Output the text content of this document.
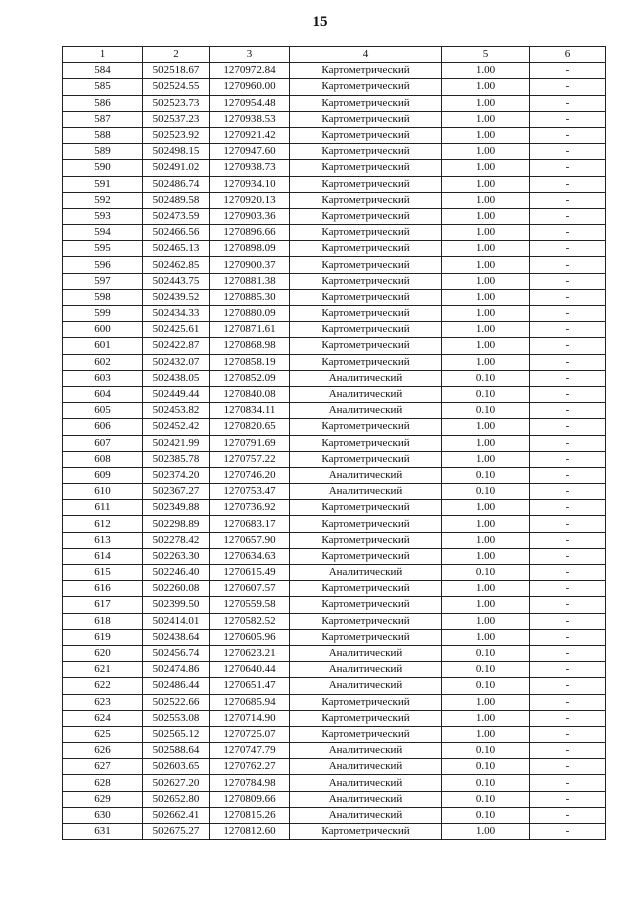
15
1	2	3	4	5	6
584	502518.67	1270972.84	Картометрический	1.00	-
585	502524.55	1270960.00	Картометрический	1.00	-
586	502523.73	1270954.48	Картометрический	1.00	-
587	502537.23	1270938.53	Картометрический	1.00	-
588	502523.92	1270921.42	Картометрический	1.00	-
589	502498.15	1270947.60	Картометрический	1.00	-
590	502491.02	1270938.73	Картометрический	1.00	-
591	502486.74	1270934.10	Картометрический	1.00	-
592	502489.58	1270920.13	Картометрический	1.00	-
593	502473.59	1270903.36	Картометрический	1.00	-
594	502466.56	1270896.66	Картометрический	1.00	-
595	502465.13	1270898.09	Картометрический	1.00	-
596	502462.85	1270900.37	Картометрический	1.00	-
597	502443.75	1270881.38	Картометрический	1.00	-
598	502439.52	1270885.30	Картометрический	1.00	-
599	502434.33	1270880.09	Картометрический	1.00	-
600	502425.61	1270871.61	Картометрический	1.00	-
601	502422.87	1270868.98	Картометрический	1.00	-
602	502432.07	1270858.19	Картометрический	1.00	-
603	502438.05	1270852.09	Аналитический	0.10	-
604	502449.44	1270840.08	Аналитический	0.10	-
605	502453.82	1270834.11	Аналитический	0.10	-
606	502452.42	1270820.65	Картометрический	1.00	-
607	502421.99	1270791.69	Картометрический	1.00	-
608	502385.78	1270757.22	Картометрический	1.00	-
609	502374.20	1270746.20	Аналитический	0.10	-
610	502367.27	1270753.47	Аналитический	0.10	-
611	502349.88	1270736.92	Картометрический	1.00	-
612	502298.89	1270683.17	Картометрический	1.00	-
613	502278.42	1270657.90	Картометрический	1.00	-
614	502263.30	1270634.63	Картометрический	1.00	-
615	502246.40	1270615.49	Аналитический	0.10	-
616	502260.08	1270607.57	Картометрический	1.00	-
617	502399.50	1270559.58	Картометрический	1.00	-
618	502414.01	1270582.52	Картометрический	1.00	-
619	502438.64	1270605.96	Картометрический	1.00	-
620	502456.74	1270623.21	Аналитический	0.10	-
621	502474.86	1270640.44	Аналитический	0.10	-
622	502486.44	1270651.47	Аналитический	0.10	-
623	502522.66	1270685.94	Картометрический	1.00	-
624	502553.08	1270714.90	Картометрический	1.00	-
625	502565.12	1270725.07	Картометрический	1.00	-
626	502588.64	1270747.79	Аналитический	0.10	-
627	502603.65	1270762.27	Аналитический	0.10	-
628	502627.20	1270784.98	Аналитический	0.10	-
629	502652.80	1270809.66	Аналитический	0.10	-
630	502662.41	1270815.26	Аналитический	0.10	-
631	502675.27	1270812.60	Картометрический	1.00	-
